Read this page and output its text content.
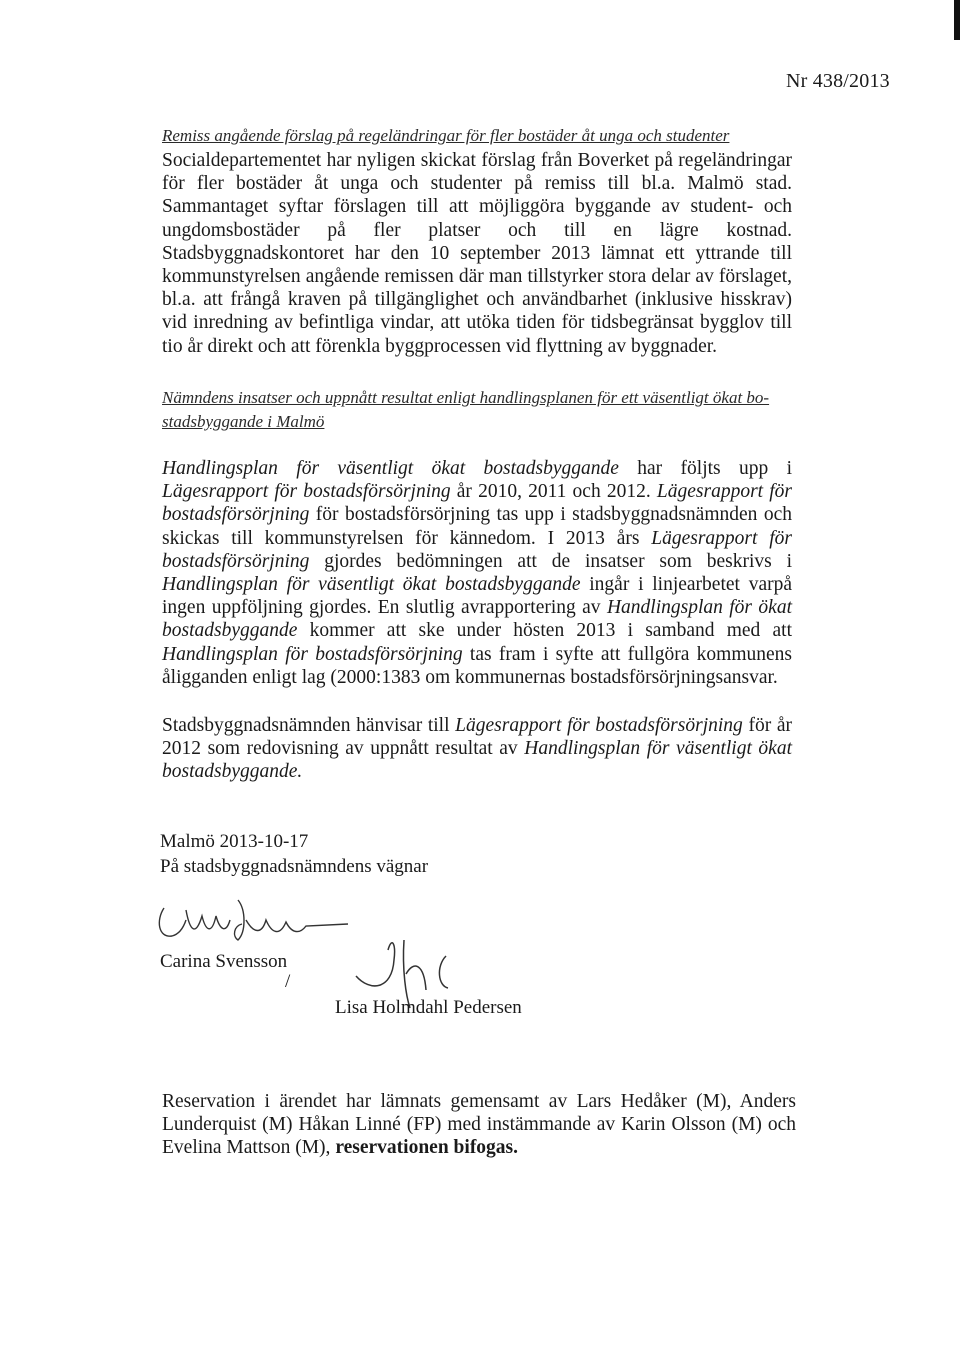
Nr 438/2013
Remiss angående förslag på regeländringar för fler bostäder åt unga och studenter

Socialdepartementet har nyligen skickat förslag från Boverket på regeländringar för fler bostäder åt unga och studenter på remiss till bl.a. Malmö stad. Sammantaget syftar förslagen till att möjliggöra byggande av student- och ungdomsbostäder på fler platser och till en lägre kostnad. Stadsbyggnadskontoret har den 10 september 2013 lämnat ett yttrande till kommunstyrelsen angående remissen där man tillstyrker stora delar av förslaget, bl.a. att frångå kraven på tillgänglighet och användbarhet (inklusive hisskrav) vid inredning av befintliga vindar, att utöka tiden för tidsbegränsat bygglov till tio år direkt och att förenkla byggprocessen vid flyttning av byggnader.

Nämndens insatser och uppnått resultat enligt handlingsplanen för ett väsentligt ökat bo-
stadsbyggande i Malmö

Handlingsplan för väsentligt ökat bostadsbyggande har följts upp i Lägesrapport för bostadsförsörjning år 2010, 2011 och 2012. Lägesrapport för bostadsförsörjning för bostadsförsörjning tas upp i stadsbyggnadsnämnden och skickas till kommunstyrelsen för kännedom. I 2013 års Lägesrapport för bostadsförsörjning gjordes bedömningen att de insatser som beskrivs i Handlingsplan för väsentligt ökat bostadsbyggande ingår i linjearbetet varpå ingen uppföljning gjordes. En slutlig avrapportering av Handlingsplan för ökat bostadsbyggande kommer att ske under hösten 2013 i samband med att Handlingsplan för bostadsförsörjning tas fram i syfte att fullgöra kommunens åligganden enligt lag (2000:1383 om kommunernas bostadsförsörjningsansvar.

Stadsbyggnadsnämnden hänvisar till Lägesrapport för bostadsförsörjning för år 2012 som redovisning av uppnått resultat av Handlingsplan för väsentligt ökat bostadsbyggande.

Malmö 2013-10-17
På stadsbyggnadsnämndens vägnar
Carina Svensson
/
Lisa Holmdahl Pedersen

Reservation i ärendet har lämnats gemensamt av Lars Hedåker (M), Anders Lunderquist (M) Håkan Linné (FP) med instämmande av Karin Olsson (M) och Evelina Mattson (M), reservationen bifogas.
